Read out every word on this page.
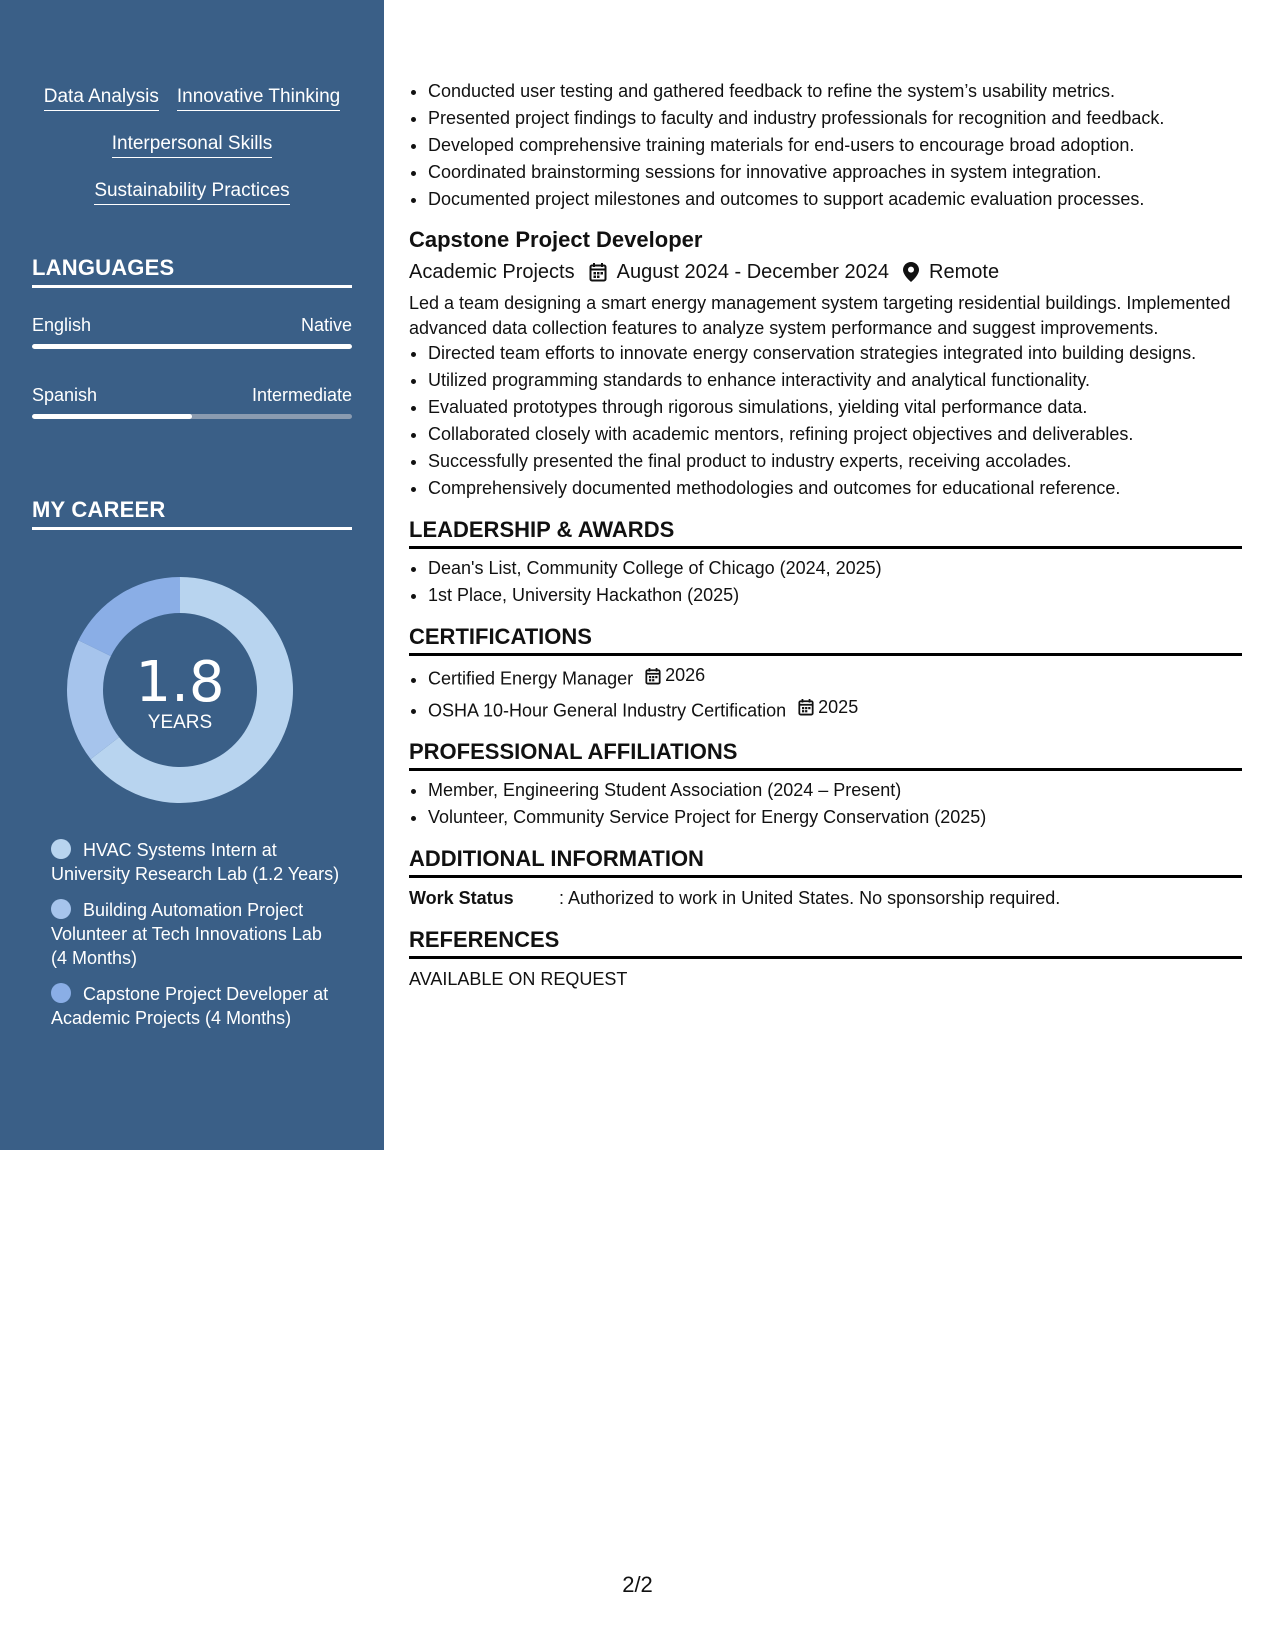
Data Analysis Innovative Thinking
Interpersonal Skills
Sustainability Practices
LANGUAGES
English	Native
Spanish	Intermediate
MY CAREER
1.8
YEARS
HVAC Systems Intern at University Research Lab (1.2 Years)
Building Automation Project Volunteer at Tech Innovations Lab (4 Months)
Capstone Project Developer at Academic Projects (4 Months)
• Conducted user testing and gathered feedback to refine the system’s usability metrics.
• Presented project findings to faculty and industry professionals for recognition and feedback.
• Developed comprehensive training materials for end-users to encourage broad adoption.
• Coordinated brainstorming sessions for innovative approaches in system integration.
• Documented project milestones and outcomes to support academic evaluation processes.
Capstone Project Developer
Academic Projects August 2024 - December 2024 Remote
Led a team designing a smart energy management system targeting residential buildings. Implemented advanced data collection features to analyze system performance and suggest improvements.
• Directed team efforts to innovate energy conservation strategies integrated into building designs.
• Utilized programming standards to enhance interactivity and analytical functionality.
• Evaluated prototypes through rigorous simulations, yielding vital performance data.
• Collaborated closely with academic mentors, refining project objectives and deliverables.
• Successfully presented the final product to industry experts, receiving accolades.
• Comprehensively documented methodologies and outcomes for educational reference.
LEADERSHIP & AWARDS
• Dean's List, Community College of Chicago (2024, 2025)
• 1st Place, University Hackathon (2025)
CERTIFICATIONS
• Certified Energy Manager 2026
• OSHA 10-Hour General Industry Certification 2025
PROFESSIONAL AFFILIATIONS
• Member, Engineering Student Association (2024 – Present)
• Volunteer, Community Service Project for Energy Conservation (2025)
ADDITIONAL INFORMATION
Work Status	: Authorized to work in United States. No sponsorship required.
REFERENCES
AVAILABLE ON REQUEST
2/2
